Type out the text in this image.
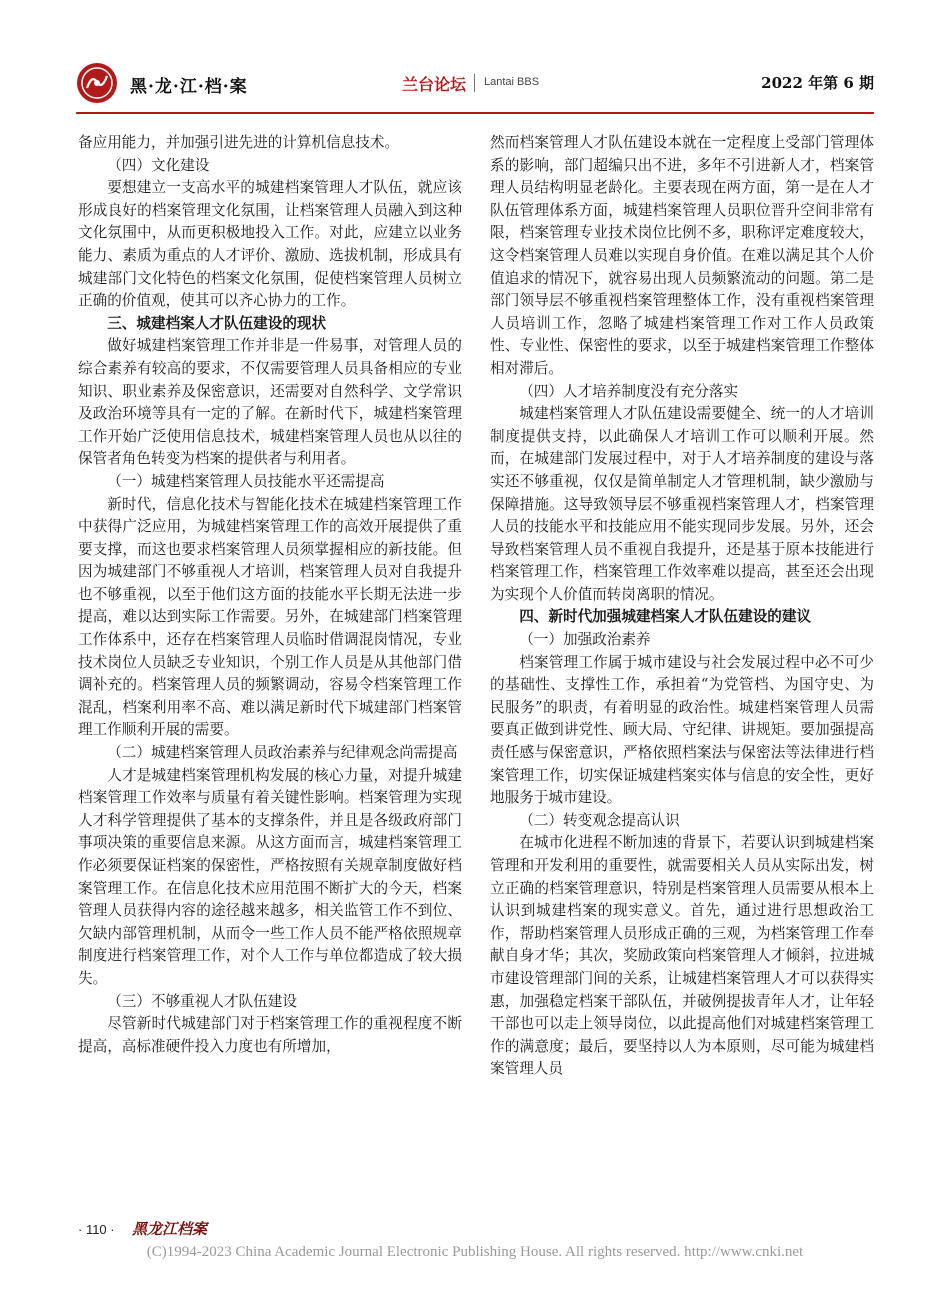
黑·龙·江·档·案	兰台论坛 Lantai BBS	2022 年第 6 期

备应用能力，并加强引进先进的计算机信息技术。

（四）文化建设

要想建立一支高水平的城建档案管理人才队伍，就应该形成良好的档案管理文化氛围，让档案管理人员融入到这种文化氛围中，从而更积极地投入工作。对此，应建立以业务能力、素质为重点的人才评价、激励、选拔机制，形成具有城建部门文化特色的档案文化氛围，促使档案管理人员树立正确的价值观，使其可以齐心协力的工作。

三、城建档案人才队伍建设的现状

做好城建档案管理工作并非是一件易事，对管理人员的综合素养有较高的要求，不仅需要管理人员具备相应的专业知识、职业素养及保密意识，还需要对自然科学、文学常识及政治环境等具有一定的了解。在新时代下，城建档案管理工作开始广泛使用信息技术，城建档案管理人员也从以往的保管者角色转变为档案的提供者与利用者。

（一）城建档案管理人员技能水平还需提高

新时代，信息化技术与智能化技术在城建档案管理工作中获得广泛应用，为城建档案管理工作的高效开展提供了重要支撑，而这也要求档案管理人员须掌握相应的新技能。但因为城建部门不够重视人才培训，档案管理人员对自我提升也不够重视，以至于他们这方面的技能水平长期无法进一步提高，难以达到实际工作需要。另外，在城建部门档案管理工作体系中，还存在档案管理人员临时借调混岗情况，专业技术岗位人员缺乏专业知识，个别工作人员是从其他部门借调补充的。档案管理人员的频繁调动，容易令档案管理工作混乱，档案利用率不高、难以满足新时代下城建部门档案管理工作顺利开展的需要。

（二）城建档案管理人员政治素养与纪律观念尚需提高

人才是城建档案管理机构发展的核心力量，对提升城建档案管理工作效率与质量有着关键性影响。档案管理为实现人才科学管理提供了基本的支撑条件，并且是各级政府部门事项决策的重要信息来源。从这方面而言，城建档案管理工作必须要保证档案的保密性，严格按照有关规章制度做好档案管理工作。在信息化技术应用范围不断扩大的今天，档案管理人员获得内容的途径越来越多，相关监管工作不到位、欠缺内部管理机制，从而令一些工作人员不能严格依照规章制度进行档案管理工作，对个人工作与单位都造成了较大损失。

（三）不够重视人才队伍建设

尽管新时代城建部门对于档案管理工作的重视程度不断提高，高标准硬件投入力度也有所增加，

然而档案管理人才队伍建设本就在一定程度上受部门管理体系的影响，部门超编只出不进，多年不引进新人才，档案管理人员结构明显老龄化。主要表现在两方面，第一是在人才队伍管理体系方面，城建档案管理人员职位晋升空间非常有限，档案管理专业技术岗位比例不多，职称评定难度较大，这令档案管理人员难以实现自身价值。在难以满足其个人价值追求的情况下，就容易出现人员频繁流动的问题。第二是部门领导层不够重视档案管理整体工作，没有重视档案管理人员培训工作，忽略了城建档案管理工作对工作人员政策性、专业性、保密性的要求，以至于城建档案管理工作整体相对滞后。

（四）人才培养制度没有充分落实

城建档案管理人才队伍建设需要健全、统一的人才培训制度提供支持，以此确保人才培训工作可以顺利开展。然而，在城建部门发展过程中，对于人才培养制度的建设与落实还不够重视，仅仅是简单制定人才管理机制，缺少激励与保障措施。这导致领导层不够重视档案管理人才，档案管理人员的技能水平和技能应用不能实现同步发展。另外，还会导致档案管理人员不重视自我提升，还是基于原本技能进行档案管理工作，档案管理工作效率难以提高，甚至还会出现为实现个人价值而转岗离职的情况。

四、新时代加强城建档案人才队伍建设的建议
（一）加强政治素养

档案管理工作属于城市建设与社会发展过程中必不可少的基础性、支撑性工作，承担着“为党管档、为国守史、为民服务”的职责，有着明显的政治性。城建档案管理人员需要真正做到讲党性、顾大局、守纪律、讲规矩。要加强提高责任感与保密意识，严格依照档案法与保密法等法律进行档案管理工作，切实保证城建档案实体与信息的安全性，更好地服务于城市建设。

（二）转变观念提高认识

在城市化进程不断加速的背景下，若要认识到城建档案管理和开发利用的重要性，就需要相关人员从实际出发，树立正确的档案管理意识，特别是档案管理人员需要从根本上认识到城建档案的现实意义。首先，通过进行思想政治工作，帮助档案管理人员形成正确的三观，为档案管理工作奉献自身才华；其次，奖励政策向档案管理人才倾斜，拉进城市建设管理部门间的关系，让城建档案管理人才可以获得实惠，加强稳定档案干部队伍，并破例提拔青年人才，让年轻干部也可以走上领导岗位，以此提高他们对城建档案管理工作的满意度；最后，要坚持以人为本原则，尽可能为城建档案管理人员

· 110 · 黑龙江档案
(C)1994-2023 China Academic Journal Electronic Publishing House. All rights reserved. http://www.cnki.net
